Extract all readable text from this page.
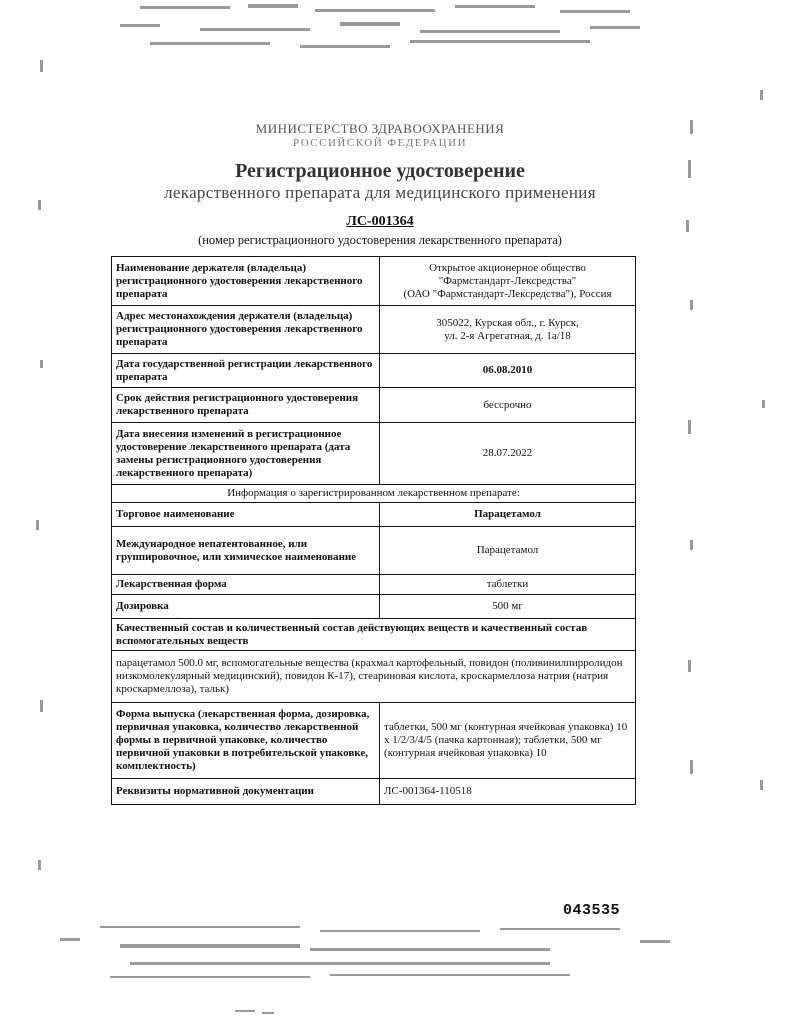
МИНИСТЕРСТВО ЗДРАВООХРАНЕНИЯ
РОССИЙСКОЙ ФЕДЕРАЦИИ
Регистрационное удостоверение
лекарственного препарата для медицинского применения
ЛС-001364
(номер регистрационного удостоверения лекарственного препарата)
Наименование держателя (владельца) регистрационного удостоверения лекарственного препарата	Открытое акционерное общество
"Фармстандарт-Лексредства"
(ОАО "Фармстандарт-Лексредства"), Россия

Адрес местонахождения держателя (владельца) регистрационного удостоверения лекарственного препарата	305022, Курская обл., г. Курск,
ул. 2-я Агрегатная, д. 1а/18

Дата государственной регистрации лекарственного препарата	06.08.2010
Срок действия регистрационного удостоверения лекарственного препарата	бессрочно
Дата внесения изменений в регистрационное удостоверение лекарственного препарата (дата замены регистрационного удостоверения лекарственного препарата)	28.07.2022
Информация о зарегистрированном лекарственном препарате:	
Торговое наименование	Парацетамол
Международное непатентованное, или группировочное, или химическое наименование	Парацетамол
Лекарственная форма	таблетки
Дозировка	500 мг
Качественный состав и количественный состав действующих веществ и качественный состав вспомогательных веществ	
парацетамол 500.0 мг, вспомогательные вещества (крахмал картофельный, повидон (поливинилпирролидон низкомолекулярный медицинский), повидон К-17), стеариновая кислота, кроскармеллоза натрия (натрия кроскармеллоза), тальк)	
Форма выпуска (лекарственная форма, дозировка, первичная упаковка, количество лекарственной формы в первичной упаковке, количество первичной упаковки в потребительской упаковке, комплектность)	таблетки, 500 мг (контурная ячейковая упаковка) 10 x 1/2/3/4/5 (пачка картонная); таблетки, 500 мг (контурная ячейковая упаковка) 10
Реквизиты нормативной документации	ЛС-001364-110518
043535
